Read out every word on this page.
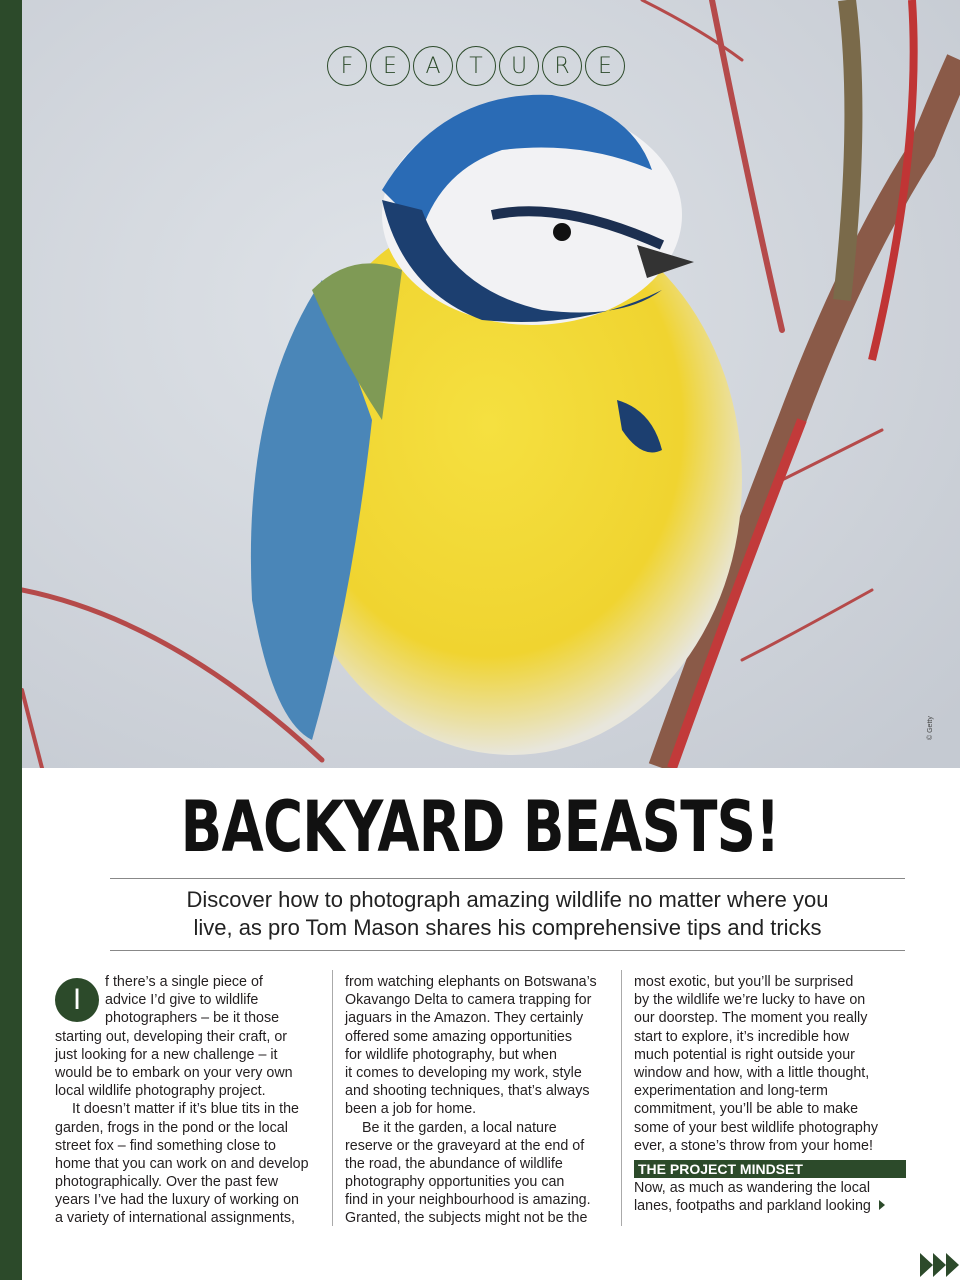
F	E	A	T	U	R	E
© Getty
BACKYARD BEASTS!
Discover how to photograph amazing wildlife no matter where you
live, as pro Tom Mason shares his comprehensive tips and tricks
I
f there’s a single piece of
advice I’d give to wildlife
photographers – be it those
starting out, developing their craft, or
just looking for a new challenge – it
would be to embark on your very own
local wildlife photography project.
It doesn’t matter if it’s blue tits in the
garden, frogs in the pond or the local
street fox – find something close to
home that you can work on and develop
photographically. Over the past few
years I’ve had the luxury of working on
a variety of international assignments,
from watching elephants on Botswana’s
Okavango Delta to camera trapping for
jaguars in the Amazon. They certainly
offered some amazing opportunities
for wildlife photography, but when
it comes to developing my work, style
and shooting techniques, that’s always
been a job for home.
Be it the garden, a local nature
reserve or the graveyard at the end of
the road, the abundance of wildlife
photography opportunities you can
find in your neighbourhood is amazing.
Granted, the subjects might not be the
most exotic, but you’ll be surprised
by the wildlife we’re lucky to have on
our doorstep. The moment you really
start to explore, it’s incredible how
much potential is right outside your
window and how, with a little thought,
experimentation and long-term
commitment, you’ll be able to make
some of your best wildlife photography
ever, a stone’s throw from your home!
THE PROJECT MINDSET
Now, as much as wandering the local
lanes, footpaths and parkland looking
